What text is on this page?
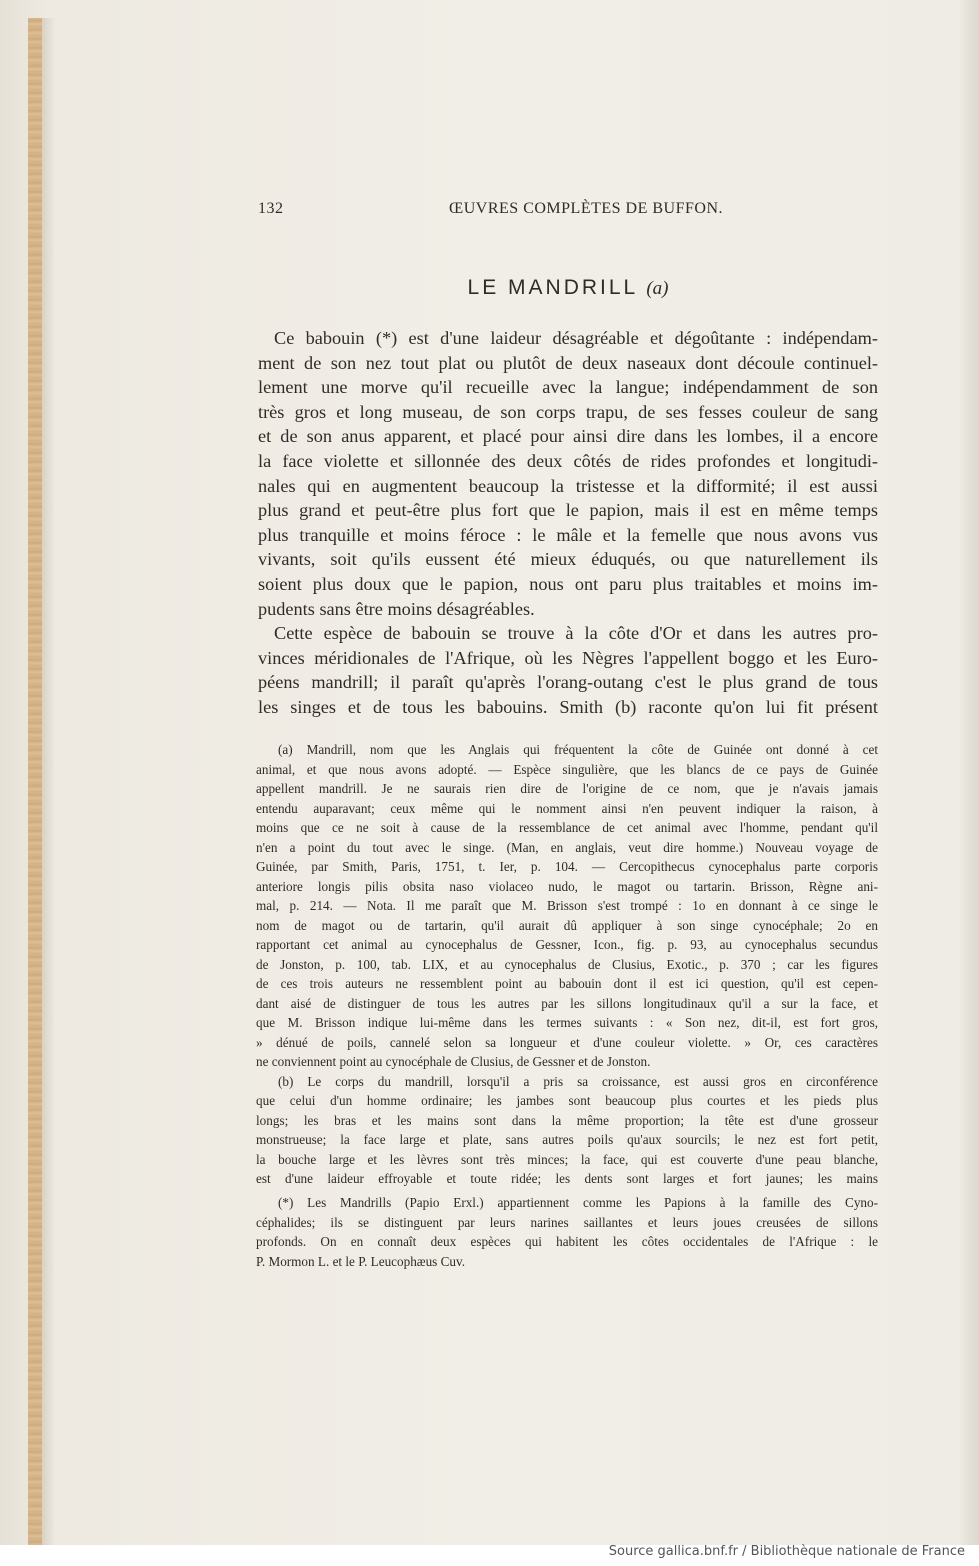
132	ŒUVRES COMPLÈTES DE BUFFON.
LE MANDRILL (a)

Ce babouin (*) est d'une laideur désagréable et dégoûtante : indépendam-

ment de son nez tout plat ou plutôt de deux naseaux dont découle continuel-

lement une morve qu'il recueille avec la langue; indépendamment de son

très gros et long museau, de son corps trapu, de ses fesses couleur de sang

et de son anus apparent, et placé pour ainsi dire dans les lombes, il a encore

la face violette et sillonnée des deux côtés de rides profondes et longitudi-

nales qui en augmentent beaucoup la tristesse et la difformité; il est aussi

plus grand et peut-être plus fort que le papion, mais il est en même temps

plus tranquille et moins féroce : le mâle et la femelle que nous avons vus

vivants, soit qu'ils eussent été mieux éduqués, ou que naturellement ils

soient plus doux que le papion, nous ont paru plus traitables et moins im-

pudents sans être moins désagréables.

Cette espèce de babouin se trouve à la côte d'Or et dans les autres pro-

vinces méridionales de l'Afrique, où les Nègres l'appellent boggo et les Euro-

péens mandrill; il paraît qu'après l'orang-outang c'est le plus grand de tous

les singes et de tous les babouins. Smith (b) raconte qu'on lui fit présent

(a) Mandrill, nom que les Anglais qui fréquentent la côte de Guinée ont donné à cet

animal, et que nous avons adopté. — Espèce singulière, que les blancs de ce pays de Guinée

appellent mandrill. Je ne saurais rien dire de l'origine de ce nom, que je n'avais jamais

entendu auparavant; ceux même qui le nomment ainsi n'en peuvent indiquer la raison, à

moins que ce ne soit à cause de la ressemblance de cet animal avec l'homme, pendant qu'il

n'en a point du tout avec le singe. (Man, en anglais, veut dire homme.) Nouveau voyage de

Guinée, par Smith, Paris, 1751, t. Ier, p. 104. — Cercopithecus cynocephalus parte corporis

anteriore longis pilis obsita naso violaceo nudo, le magot ou tartarin. Brisson, Règne ani-

mal, p. 214. — Nota. Il me paraît que M. Brisson s'est trompé : 1o en donnant à ce singe le

nom de magot ou de tartarin, qu'il aurait dû appliquer à son singe cynocéphale; 2o en

rapportant cet animal au cynocephalus de Gessner, Icon., fig. p. 93, au cynocephalus secundus

de Jonston, p. 100, tab. LIX, et au cynocephalus de Clusius, Exotic., p. 370 ; car les figures

de ces trois auteurs ne ressemblent point au babouin dont il est ici question, qu'il est cepen-

dant aisé de distinguer de tous les autres par les sillons longitudinaux qu'il a sur la face, et

que M. Brisson indique lui-même dans les termes suivants : « Son nez, dit-il, est fort gros,

» dénué de poils, cannelé selon sa longueur et d'une couleur violette. » Or, ces caractères

ne conviennent point au cynocéphale de Clusius, de Gessner et de Jonston.

(b) Le corps du mandrill, lorsqu'il a pris sa croissance, est aussi gros en circonférence

que celui d'un homme ordinaire; les jambes sont beaucoup plus courtes et les pieds plus

longs; les bras et les mains sont dans la même proportion; la tête est d'une grosseur

monstrueuse; la face large et plate, sans autres poils qu'aux sourcils; le nez est fort petit,

la bouche large et les lèvres sont très minces; la face, qui est couverte d'une peau blanche,

est d'une laideur effroyable et toute ridée; les dents sont larges et fort jaunes; les mains

(*) Les Mandrills (Papio Erxl.) appartiennent comme les Papions à la famille des Cyno-

céphalides; ils se distinguent par leurs narines saillantes et leurs joues creusées de sillons

profonds. On en connaît deux espèces qui habitent les côtes occidentales de l'Afrique : le

P. Mormon L. et le P. Leucophæus Cuv.

Source gallica.bnf.fr / Bibliothèque nationale de France
